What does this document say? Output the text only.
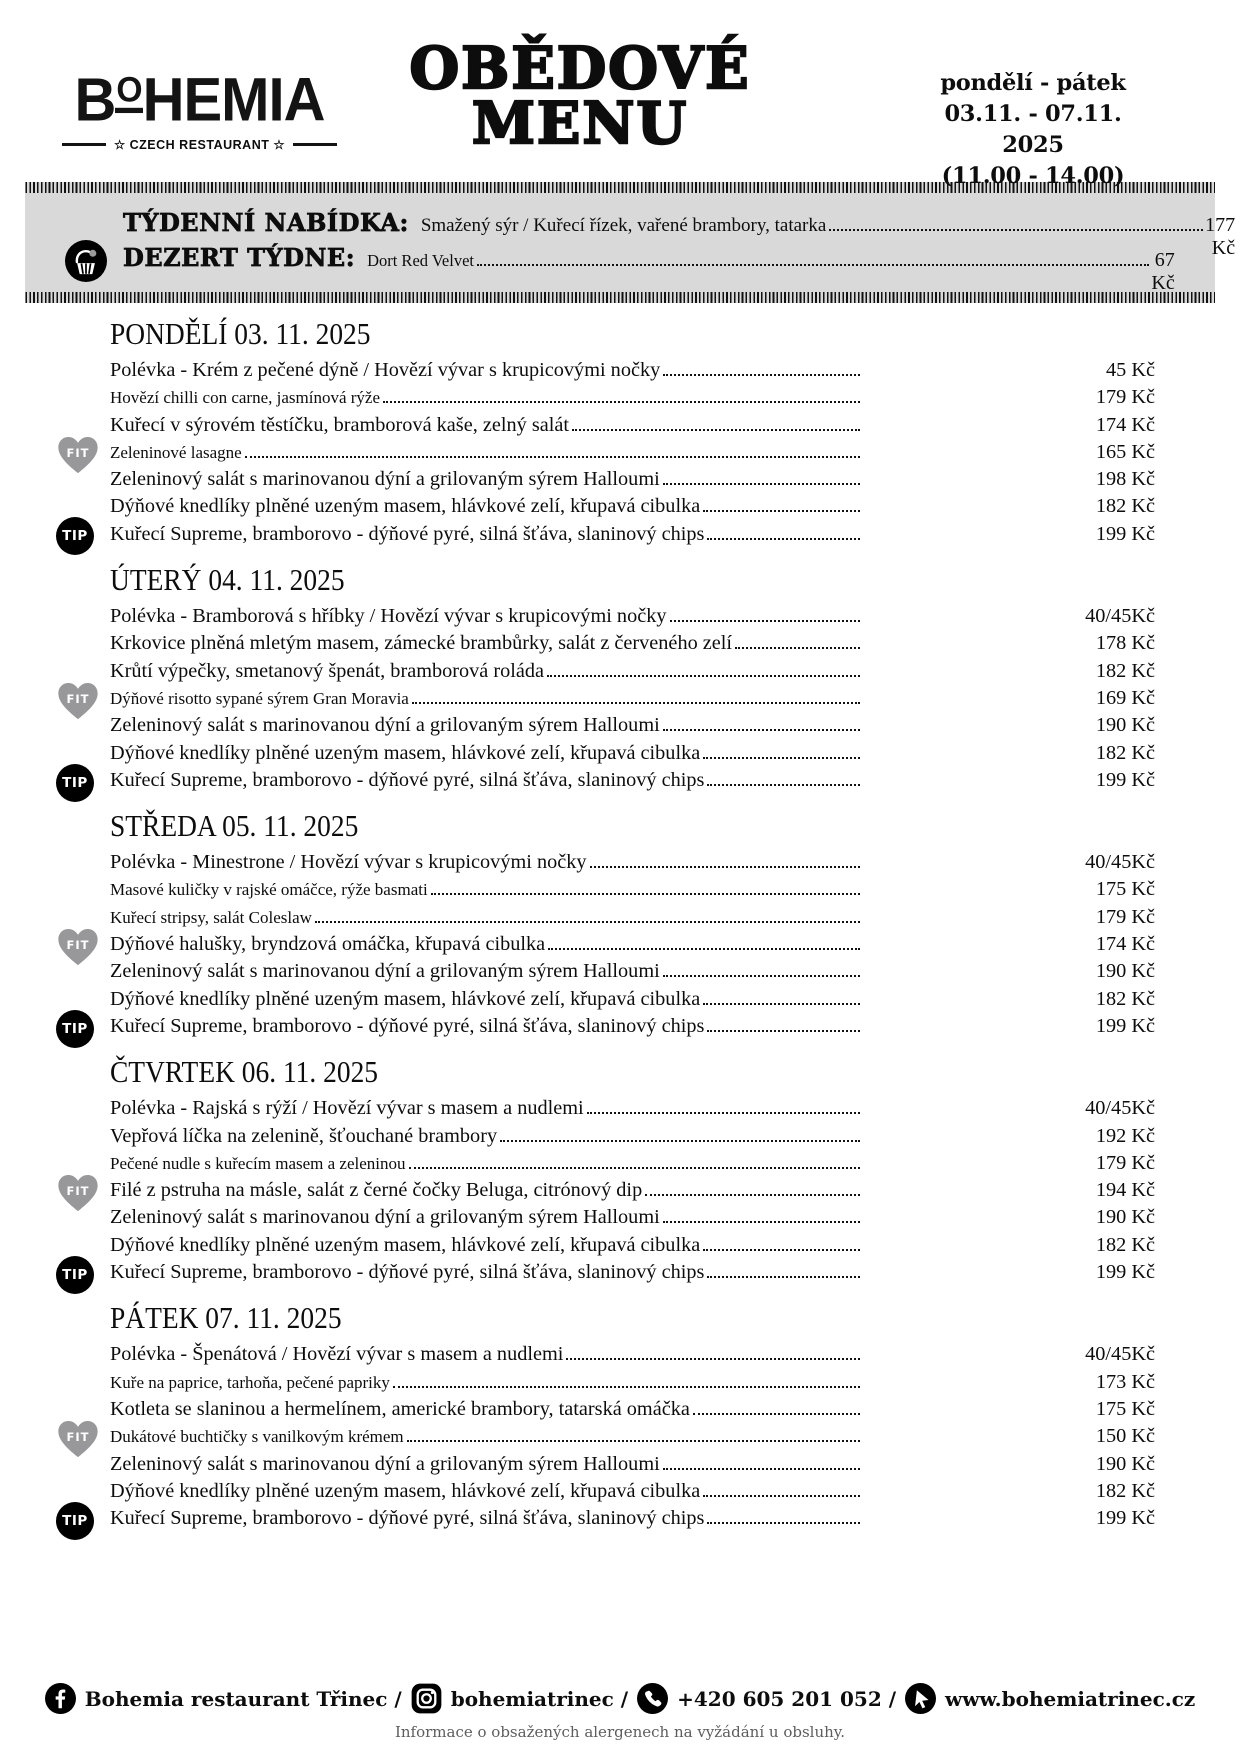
BOHEMIA
☆ CZECH RESTAURANT ☆
OBĚDOVÉ
MENU
pondělí - pátek
03.11. - 07.11. 2025
(11.00 - 14.00)
TÝDENNÍ NABÍDKA: Smažený sýr / Kuřecí řízek, vařené brambory, tatarka	177 Kč
DEZERT TÝDNE: Dort Red Velvet	67 Kč
PONDĚLÍ 03. 11. 2025
Polévka - Krém z pečené dýně / Hovězí vývar s krupicovými nočky	45 Kč
Hovězí chilli con carne, jasmínová rýže	179 Kč
Kuřecí v sýrovém těstíčku, bramborová kaše, zelný salát	174 Kč
FIT	Zeleninové lasagne	165 Kč
Zeleninový salát s marinovanou dýní a grilovaným sýrem Halloumi	198 Kč
Dýňové knedlíky plněné uzeným masem, hlávkové zelí, křupavá cibulka	182 Kč
TIP	Kuřecí Supreme, bramborovo - dýňové pyré, silná šťáva, slaninový chips	199 Kč
ÚTERÝ 04. 11. 2025
Polévka - Bramborová s hříbky / Hovězí vývar s krupicovými nočky	40/45Kč
Krkovice plněná mletým masem, zámecké brambůrky, salát z červeného zelí	178 Kč
Krůtí výpečky, smetanový špenát, bramborová roláda	182 Kč
FIT	Dýňové risotto sypané sýrem Gran Moravia	169 Kč
Zeleninový salát s marinovanou dýní a grilovaným sýrem Halloumi	190 Kč
Dýňové knedlíky plněné uzeným masem, hlávkové zelí, křupavá cibulka	182 Kč
TIP	Kuřecí Supreme, bramborovo - dýňové pyré, silná šťáva, slaninový chips	199 Kč
STŘEDA 05. 11. 2025
Polévka - Minestrone / Hovězí vývar s krupicovými nočky	40/45Kč
Masové kuličky v rajské omáčce, rýže basmati	175 Kč
Kuřecí stripsy, salát Coleslaw	179 Kč
FIT	Dýňové halušky, bryndzová omáčka, křupavá cibulka	174 Kč
Zeleninový salát s marinovanou dýní a grilovaným sýrem Halloumi	190 Kč
Dýňové knedlíky plněné uzeným masem, hlávkové zelí, křupavá cibulka	182 Kč
TIP	Kuřecí Supreme, bramborovo - dýňové pyré, silná šťáva, slaninový chips	199 Kč
ČTVRTEK 06. 11. 2025
Polévka - Rajská s rýží / Hovězí vývar s masem a nudlemi	40/45Kč
Vepřová líčka na zelenině, šťouchané brambory	192 Kč
Pečené nudle s kuřecím masem a zeleninou	179 Kč
FIT	Filé z pstruha na másle, salát z černé čočky Beluga, citrónový dip	194 Kč
Zeleninový salát s marinovanou dýní a grilovaným sýrem Halloumi	190 Kč
Dýňové knedlíky plněné uzeným masem, hlávkové zelí, křupavá cibulka	182 Kč
TIP	Kuřecí Supreme, bramborovo - dýňové pyré, silná šťáva, slaninový chips	199 Kč
PÁTEK 07. 11. 2025
Polévka - Špenátová / Hovězí vývar s masem a nudlemi	40/45Kč
Kuře na paprice, tarhoňa, pečené papriky	173 Kč
Kotleta se slaninou a hermelínem, americké brambory, tatarská omáčka	175 Kč
FIT	Dukátové buchtičky s vanilkovým krémem	150 Kč
Zeleninový salát s marinovanou dýní a grilovaným sýrem Halloumi	190 Kč
Dýňové knedlíky plněné uzeným masem, hlávkové zelí, křupavá cibulka	182 Kč
TIP	Kuřecí Supreme, bramborovo - dýňové pyré, silná šťáva, slaninový chips	199 Kč
Bohemia restaurant Třinec / bohemiatrinec / +420 605 201 052 / www.bohemiatrinec.cz
Informace o obsažených alergenech na vyžádání u obsluhy.
